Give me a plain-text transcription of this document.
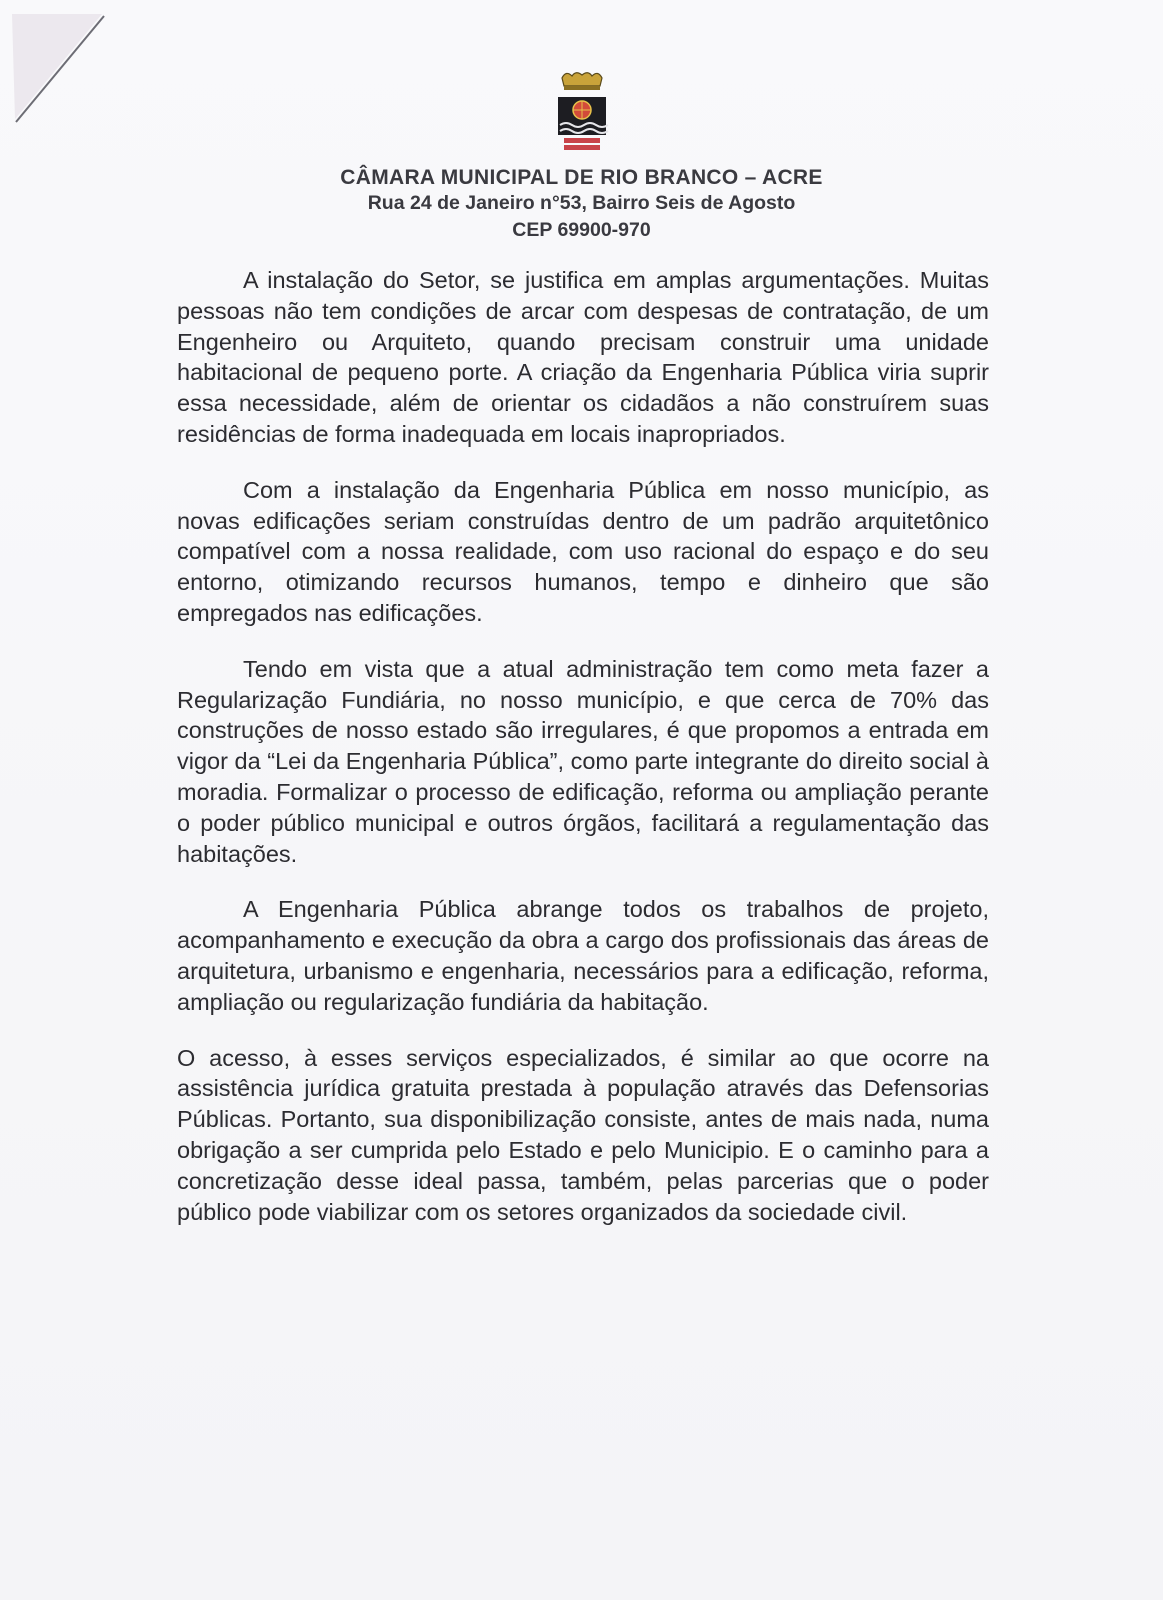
CÂMARA MUNICIPAL DE RIO BRANCO – ACRE
Rua 24 de Janeiro n°53, Bairro Seis de Agosto
CEP 69900-970

A instalação do Setor, se justifica em amplas argumentações. Muitas pessoas não tem condições de arcar com despesas de contratação, de um Engenheiro ou Arquiteto, quando precisam construir uma unidade habitacional de pequeno porte. A criação da Engenharia Pública viria suprir essa necessidade, além de orientar os cidadãos a não construírem suas residências de forma inadequada em locais inapropriados.

Com a instalação da Engenharia Pública em nosso município, as novas edificações seriam construídas dentro de um padrão arquitetônico compatível com a nossa realidade, com uso racional do espaço e do seu entorno, otimizando recursos humanos, tempo e dinheiro que são empregados nas edificações.

Tendo em vista que a atual administração tem como meta fazer a Regularização Fundiária, no nosso município, e que cerca de 70% das construções de nosso estado são irregulares, é que propomos a entrada em vigor da “Lei da Engenharia Pública”, como parte integrante do direito social à moradia. Formalizar o processo de edificação, reforma ou ampliação perante o poder público municipal e outros órgãos, facilitará a regulamentação das habitações.

A Engenharia Pública abrange todos os trabalhos de projeto, acompanhamento e execução da obra a cargo dos profissionais das áreas de arquitetura, urbanismo e engenharia, necessários para a edificação, reforma, ampliação ou regularização fundiária da habitação.

O acesso, à esses serviços especializados, é similar ao que ocorre na assistência jurídica gratuita prestada à população através das Defensorias Públicas. Portanto, sua disponibilização consiste, antes de mais nada, numa obrigação a ser cumprida pelo Estado e pelo Municipio. E o caminho para a concretização desse ideal passa, também, pelas parcerias que o poder público pode viabilizar com os setores organizados da sociedade civil.
